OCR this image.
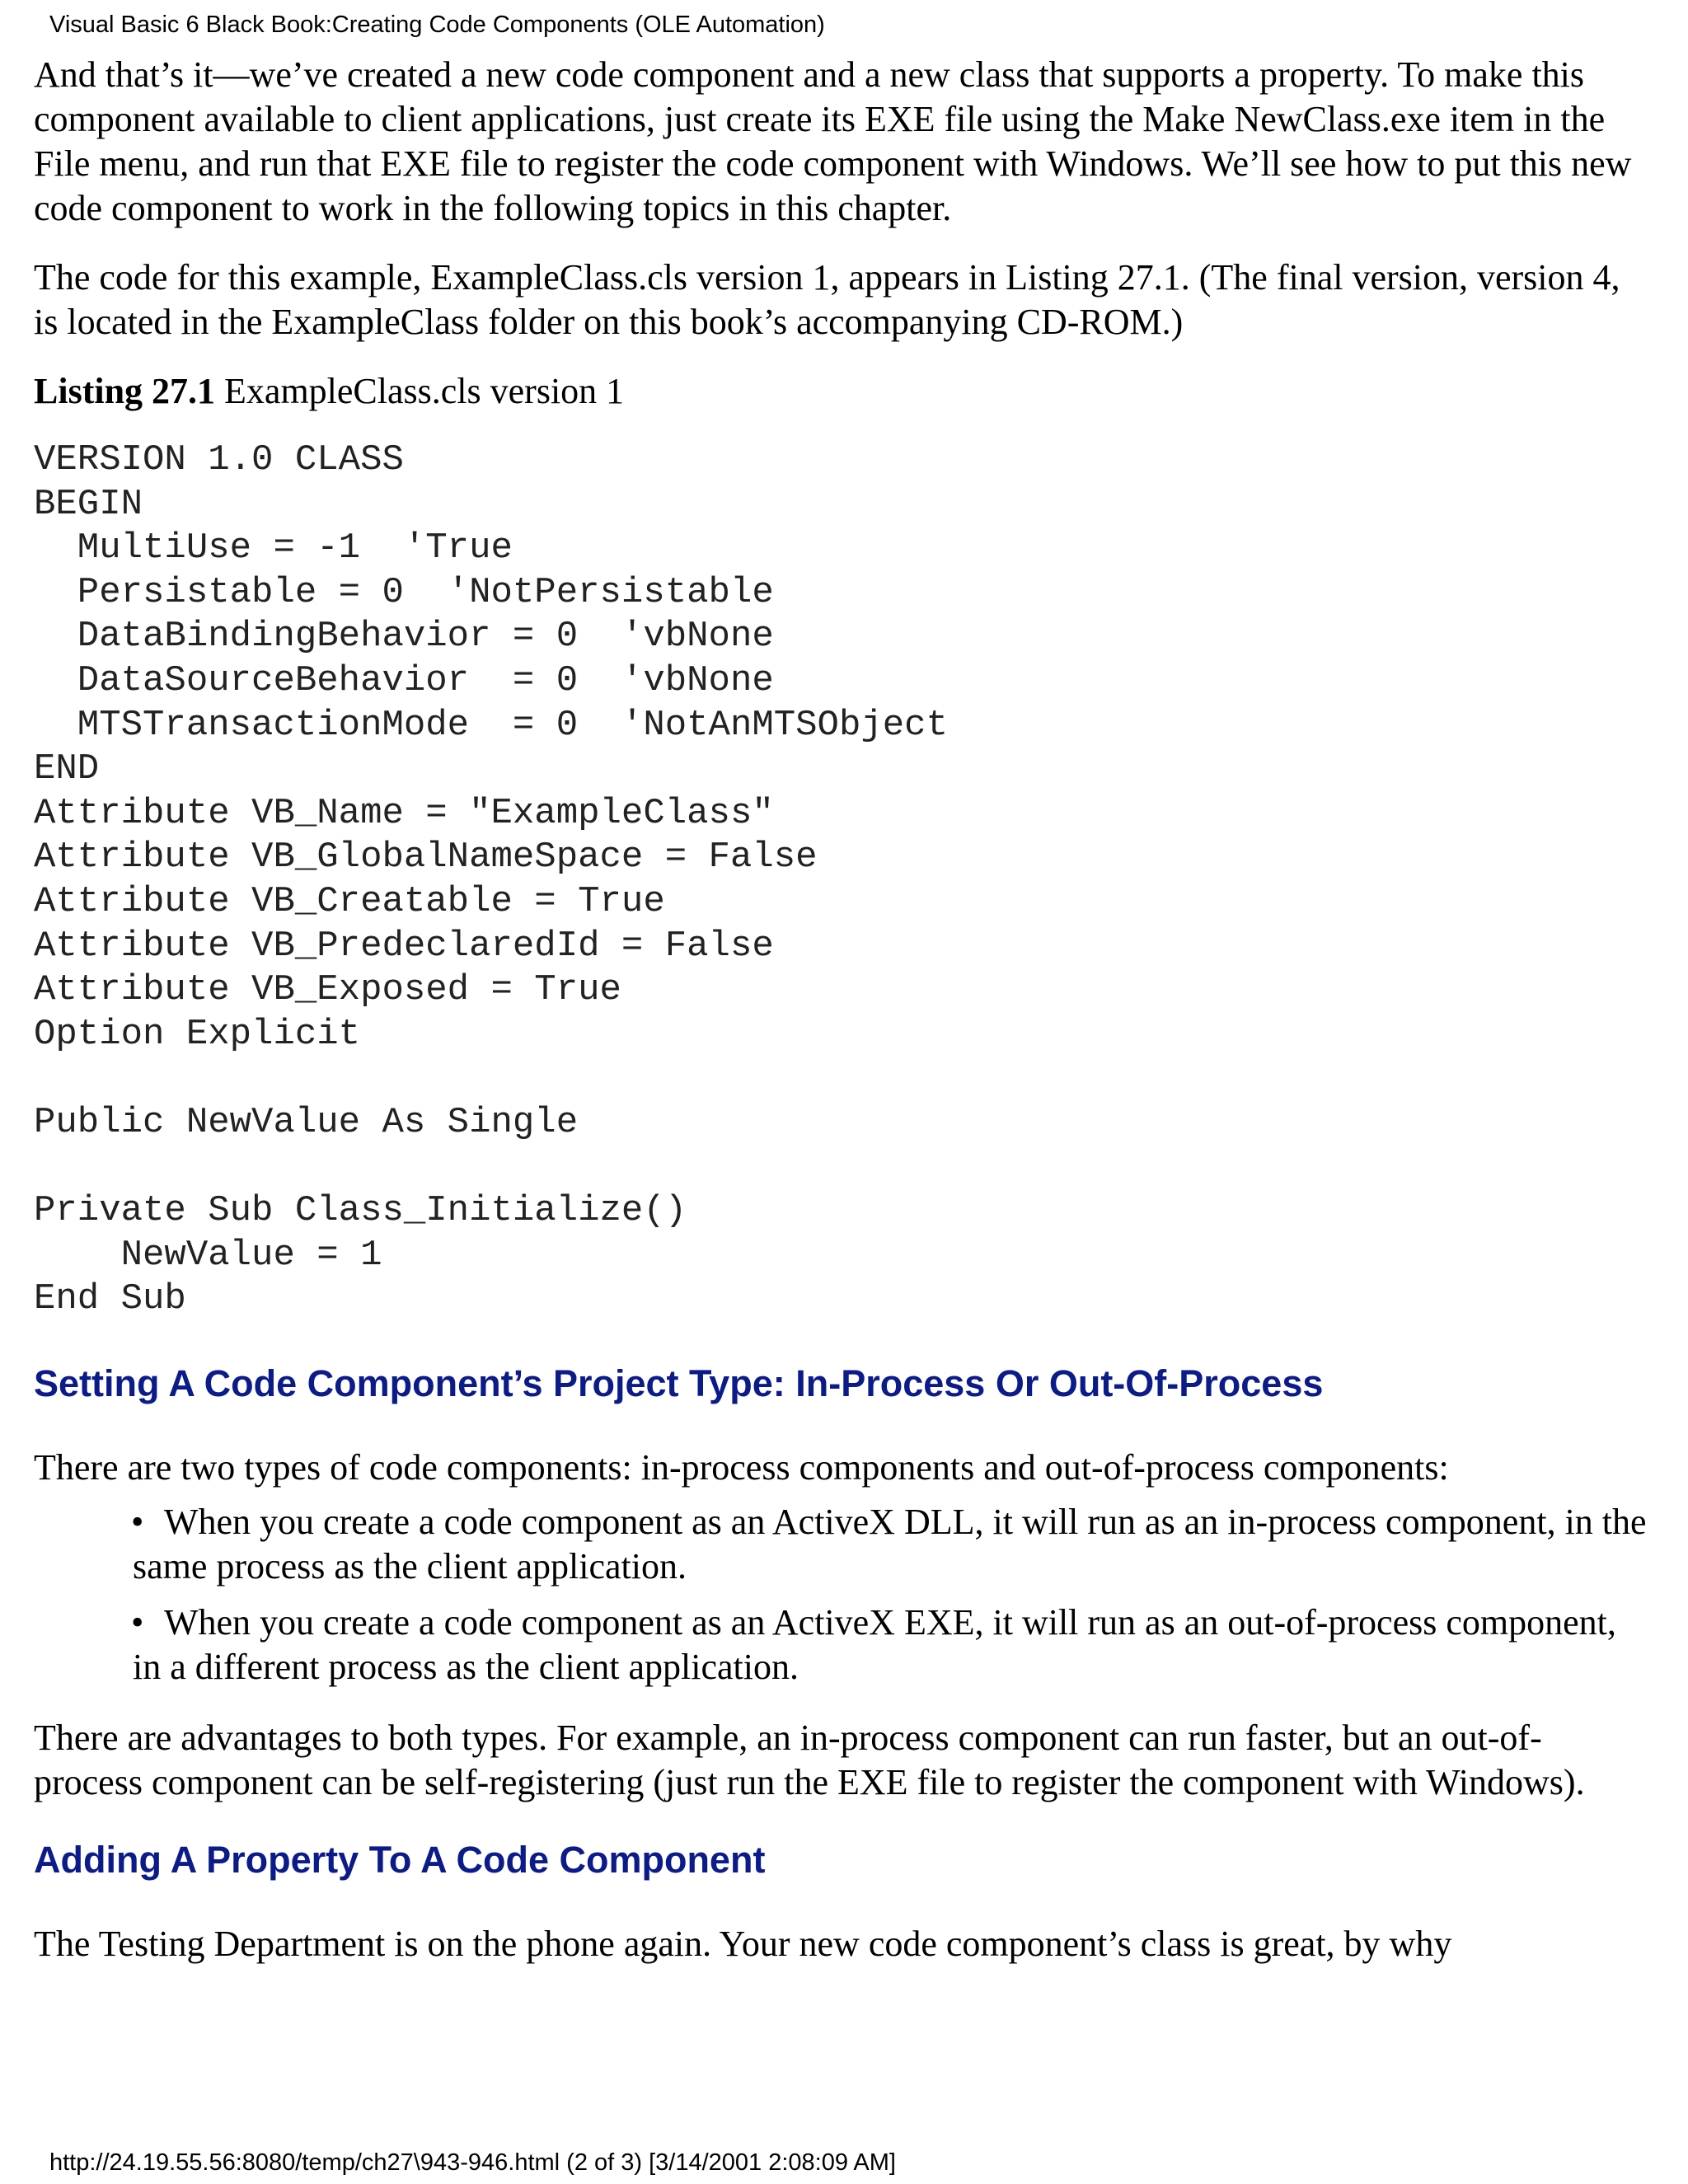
Visual Basic 6 Black Book:Creating Code Components (OLE Automation)

And that’s it—we’ve created a new code component and a new class that supports a property. To make this component available to client applications, just create its EXE file using the Make NewClass.exe item in the File menu, and run that EXE file to register the code component with Windows. We’ll see how to put this new code component to work in the following topics in this chapter.

The code for this example, ExampleClass.cls version 1, appears in Listing 27.1. (The final version, version 4, is located in the ExampleClass folder on this book’s accompanying CD-ROM.)

Listing 27.1 ExampleClass.cls version 1

VERSION 1.0 CLASS
BEGIN
MultiUse = -1  'True
Persistable = 0  'NotPersistable
DataBindingBehavior = 0  'vbNone
DataSourceBehavior  = 0  'vbNone
MTSTransactionMode  = 0  'NotAnMTSObject
END
Attribute VB_Name = "ExampleClass"
Attribute VB_GlobalNameSpace = False
Attribute VB_Creatable = True
Attribute VB_PredeclaredId = False
Attribute VB_Exposed = True
Option Explicit

Public NewValue As Single

Private Sub Class_Initialize()
NewValue = 1
End Sub
Setting A Code Component’s Project Type: In-Process Or Out-Of-Process

There are two types of code components: in-process components and out-of-process components:

• When you create a code component as an ActiveX DLL, it will run as an in-process component, in the same process as the client application.
• When you create a code component as an ActiveX EXE, it will run as an out-of-process component, in a different process as the client application.

There are advantages to both types. For example, an in-process component can run faster, but an out-of-process component can be self-registering (just run the EXE file to register the component with Windows).

Adding A Property To A Code Component

The Testing Department is on the phone again. Your new code component’s class is great, by why

http://24.19.55.56:8080/temp/ch27\943-946.html (2 of 3) [3/14/2001 2:08:09 AM]
